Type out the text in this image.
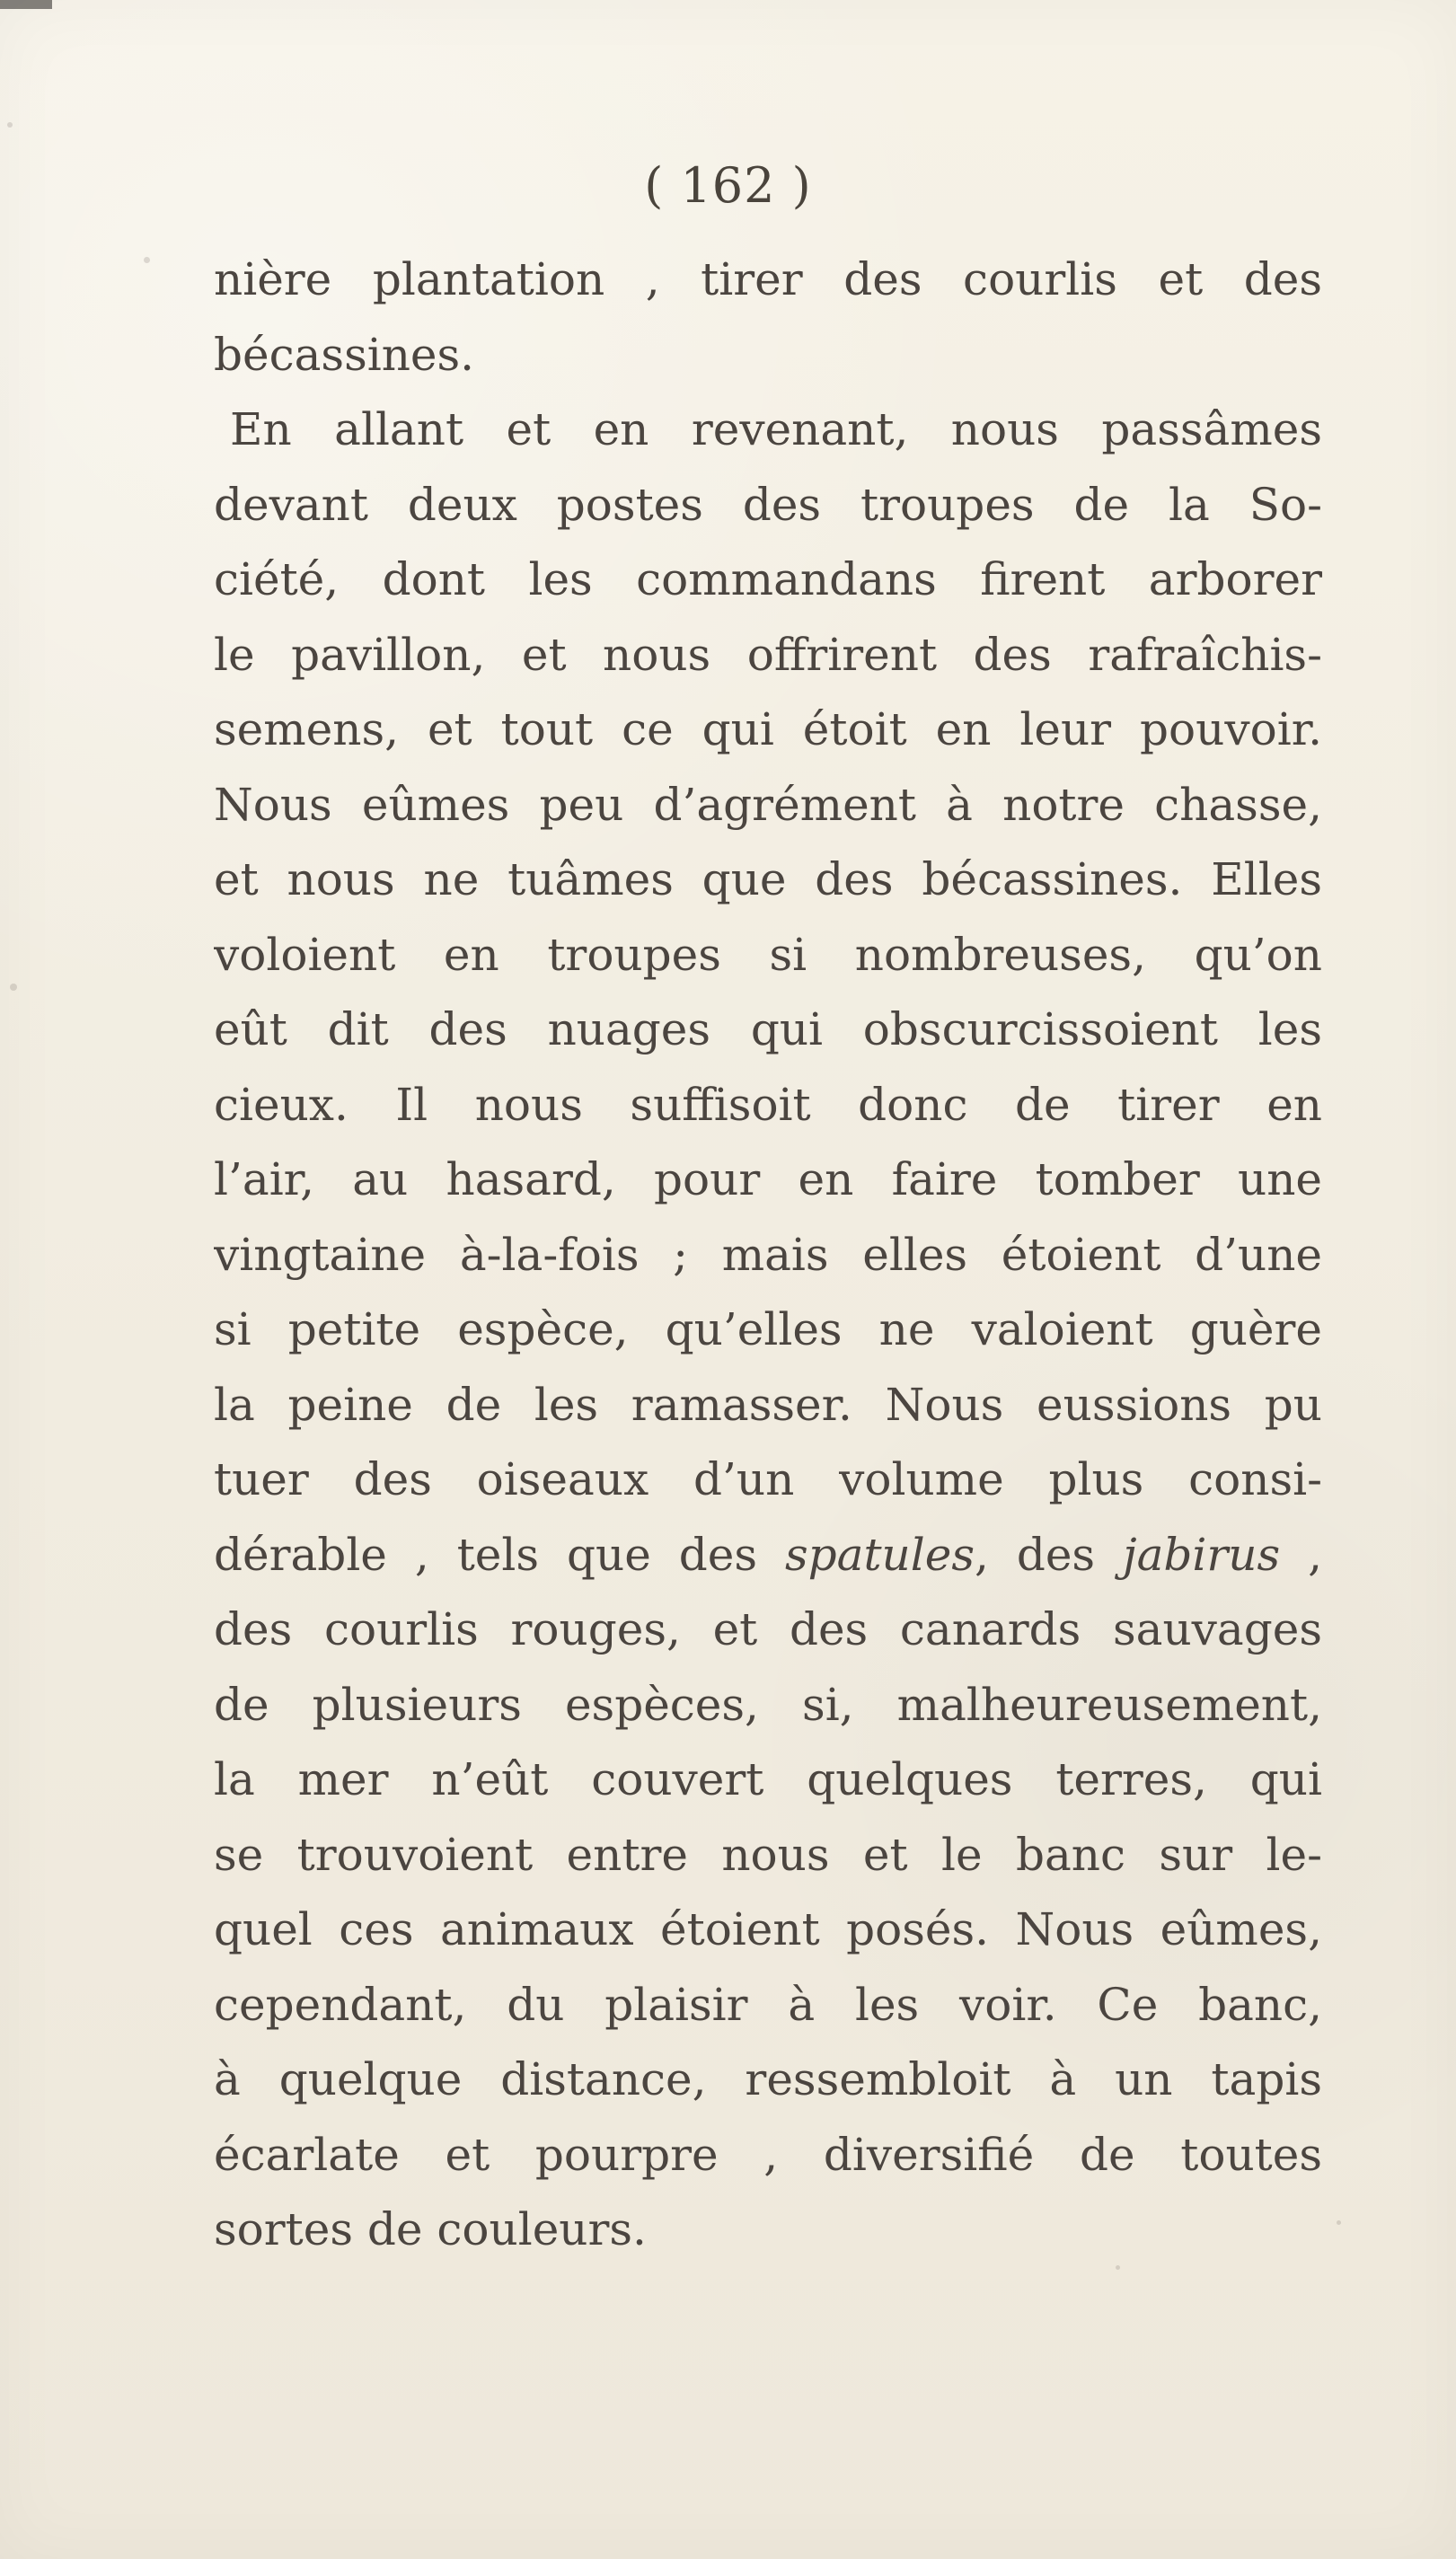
( 162 )
nière plantation , tirer des courlis et des
bécassines.
En allant et en revenant, nous passâmes
devant deux postes des troupes de la So-
ciété, dont les commandans firent arborer
le pavillon, et nous offrirent des rafraîchis-
semens, et tout ce qui étoit en leur pouvoir.
Nous eûmes peu d’agrément à notre chasse,
et nous ne tuâmes que des bécassines. Elles
voloient en troupes si nombreuses, qu’on
eût dit des nuages qui obscurcissoient les
cieux. Il nous suffisoit donc de tirer en
l’air, au hasard, pour en faire tomber une
vingtaine à-la-fois ; mais elles étoient d’une
si petite espèce, qu’elles ne valoient guère
la peine de les ramasser. Nous eussions pu
tuer des oiseaux d’un volume plus consi-
dérable , tels que des spatules, des jabirus ,
des courlis rouges, et des canards sauvages
de plusieurs espèces, si, malheureusement,
la mer n’eût couvert quelques terres, qui
se trouvoient entre nous et le banc sur le-
quel ces animaux étoient posés. Nous eûmes,
cependant, du plaisir à les voir. Ce banc,
à quelque distance, ressembloit à un tapis
écarlate et pourpre , diversifié de toutes
sortes de couleurs.
